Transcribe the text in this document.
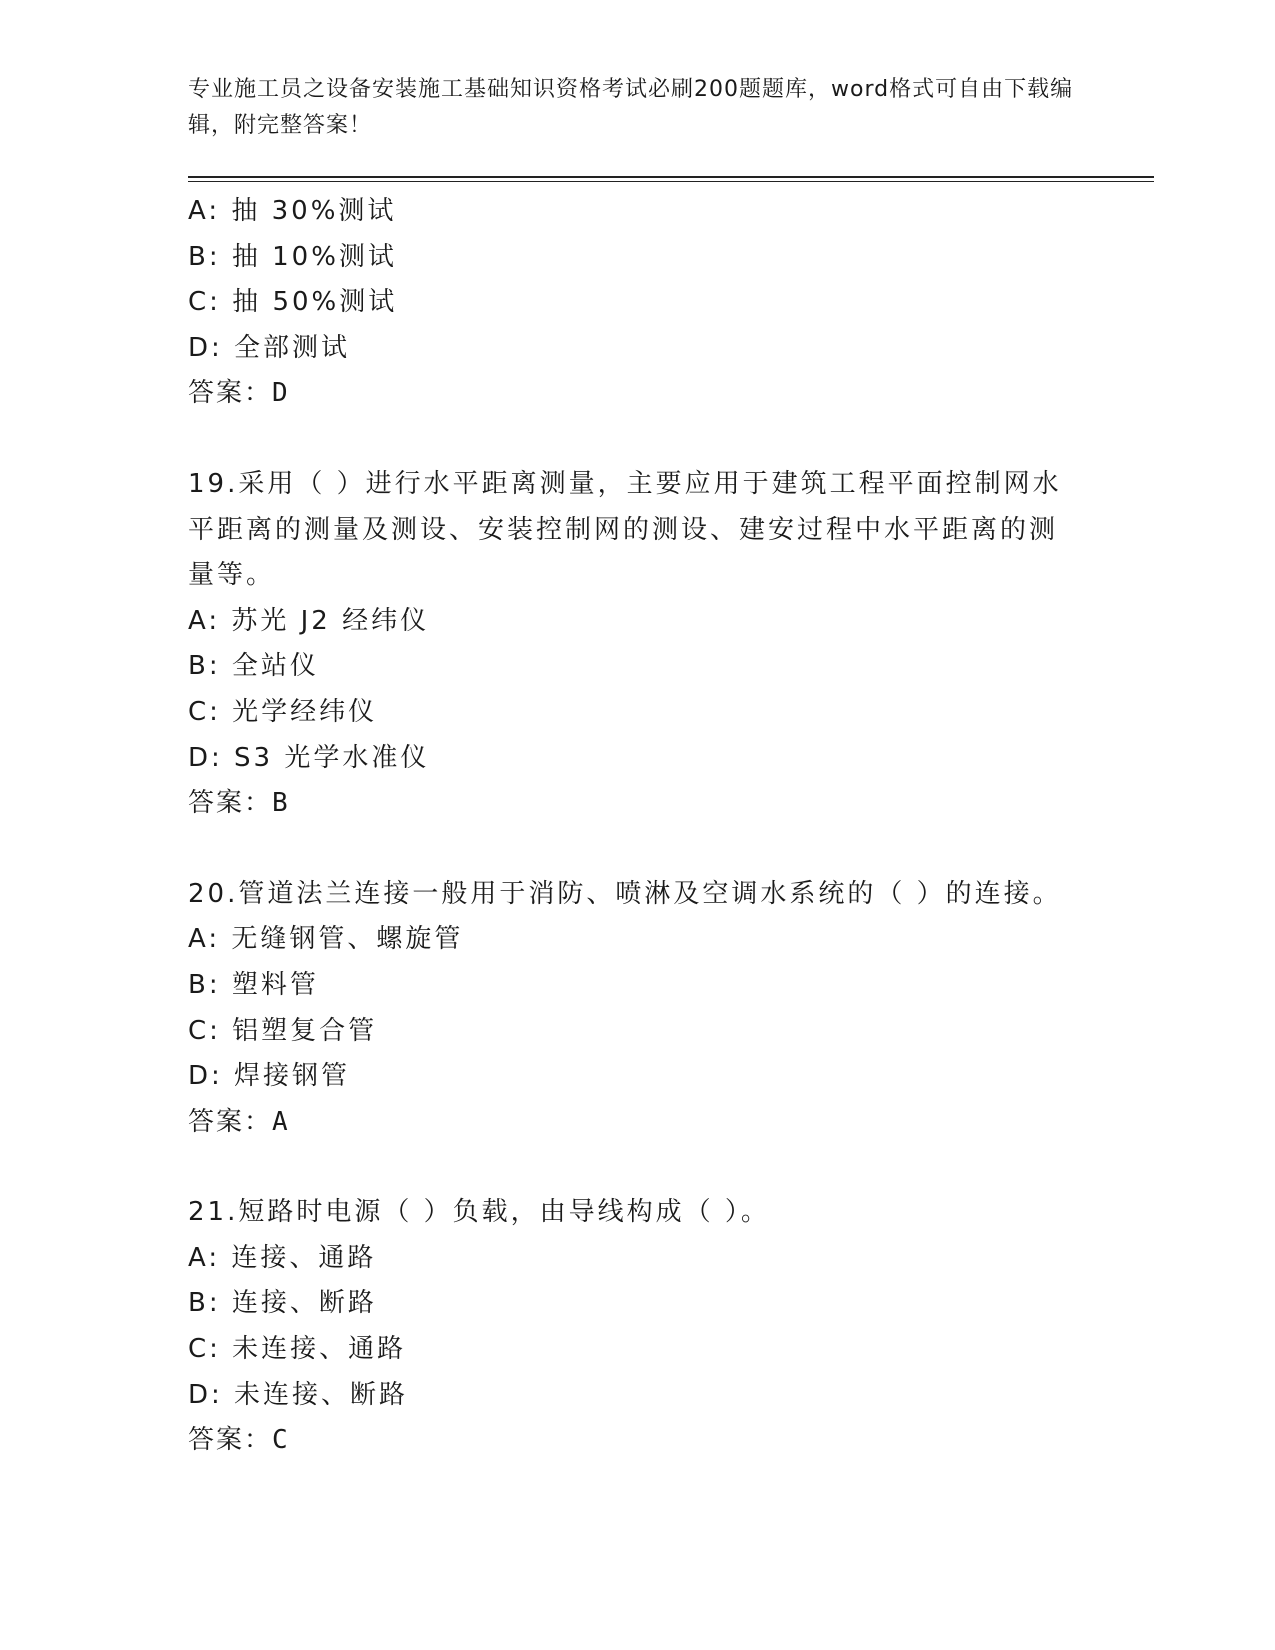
专业施工员之设备安装施工基础知识资格考试必刷200题题库，word格式可自由下载编辑，附完整答案！
A: 抽 30%测试
B: 抽 10%测试
C: 抽 50%测试
D: 全部测试
答案：D
19.采用（ ）进行水平距离测量，主要应用于建筑工程平面控制网水平距离的测量及测设、安装控制网的测设、建安过程中水平距离的测量等。
A: 苏光 J2 经纬仪
B: 全站仪
C: 光学经纬仪
D: S3 光学水准仪
答案：B
20.管道法兰连接一般用于消防、喷淋及空调水系统的（ ）的连接。
A: 无缝钢管、螺旋管
B: 塑料管
C: 铝塑复合管
D: 焊接钢管
答案：A
21.短路时电源（ ）负载，由导线构成（ ）。
A: 连接、通路
B: 连接、断路
C: 未连接、通路
D: 未连接、断路
答案：C
